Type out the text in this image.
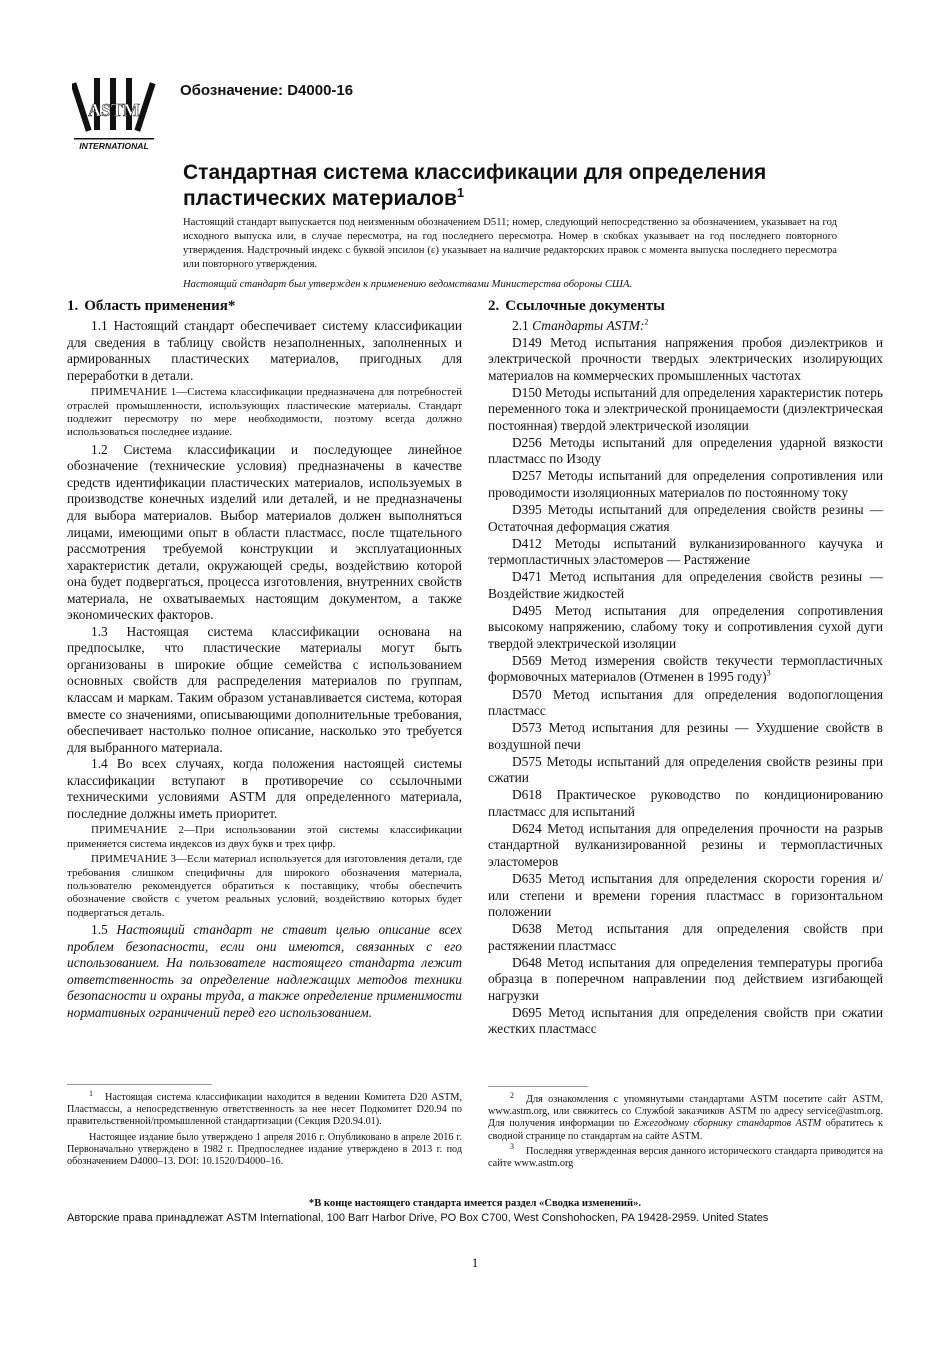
ASTM
INTERNATIONAL
Обозначение: D4000-16
Стандартная система классификации для определения пластических материалов$^1$
Настоящий стандарт выпускается под неизменным обозначением D511; номер, следующий непосредственно за обозначением, указывает на год исходного выпуска или, в случае пересмотра, на год последнего пересмотра. Номер в скобках указывает на год последнего повторного утверждения. Надстрочный индекс с буквой эпсилон (ε) указывает на наличие редакторских правок с момента выпуска последнего пересмотра или повторного утверждения.
Настоящий стандарт был утвержден к применению ведомствами Министерства обороны США.
1. Область применения*

1.1 Настоящий стандарт обеспечивает систему классификации для сведения в таблицу свойств незаполненных, заполненных и армированных пластических материалов, пригодных для переработки в детали.

ПРИМЕЧАНИЕ 1—Система классификации предназначена для потребностей отраслей промышленности, использующих пластические материалы. Стандарт подлежит пересмотру по мере необходимости, поэтому всегда должно использоваться последнее издание.

1.2 Система классификации и последующее линейное обозначение (технические условия) предназначены в качестве средств идентификации пластических материалов, используемых в производстве конечных изделий или деталей, и не предназначены для выбора материалов. Выбор материалов должен выполняться лицами, имеющими опыт в области пластмасс, после тщательного рассмотрения требуемой конструкции и эксплуатационных характеристик детали, окружающей среды, воздействию которой она будет подвергаться, процесса изготовления, внутренних свойств материала, не охватываемых настоящим документом, а также экономических факторов.

1.3 Настоящая система классификации основана на предпосылке, что пластические материалы могут быть организованы в широкие общие семейства с использованием основных свойств для распределения материалов по группам, классам и маркам. Таким образом устанавливается система, которая вместе со значениями, описывающими дополнительные требования, обеспечивает настолько полное описание, насколько это требуется для выбранного материала.

1.4 Во всех случаях, когда положения настоящей системы классификации вступают в противоречие со ссылочными техническими условиями ASTM для определенного материала, последние должны иметь приоритет.

ПРИМЕЧАНИЕ 2—При использовании этой системы классификации применяется система индексов из двух букв и трех цифр.

ПРИМЕЧАНИЕ 3—Если материал используется для изготовления детали, где требования слишком специфичны для широкого обозначения материала, пользователю рекомендуется обратиться к поставщику, чтобы обеспечить обозначение свойств с учетом реальных условий, воздействию которых будет подвергаться деталь.

1.5 Настоящий стандарт не ставит целью описание всех проблем безопасности, если они имеются, связанных с его использованием. На пользователе настоящего стандарта лежит ответственность за определение надлежащих методов техники безопасности и охраны труда, а также определение применимости нормативных ограничений перед его использованием.

2. Ссылочные документы

2.1 Стандарты ASTM:$^2$

D149 Метод испытания напряжения пробоя диэлектриков и электрической прочности твердых электрических изолирующих материалов на коммерческих промышленных частотах

D150 Методы испытаний для определения характеристик потерь переменного тока и электрической проницаемости (диэлектрическая постоянная) твердой электрической изоляции

D256 Методы испытаний для определения ударной вязкости пластмасс по Изоду

D257 Методы испытаний для определения сопротивления или проводимости изоляционных материалов по постоянному току

D395 Методы испытаний для определения свойств резины — Остаточная деформация сжатия

D412 Методы испытаний вулканизированного каучука и термопластичных эластомеров — Растяжение

D471 Метод испытания для определения свойств резины — Воздействие жидкостей

D495 Метод испытания для определения сопротивления высокому напряжению, слабому току и сопротивления сухой дуги твердой электрической изоляции

D569 Метод измерения свойств текучести термопластичных формовочных материалов (Отменен в 1995 году)$^3$

D570 Метод испытания для определения водопоглощения пластмасс

D573 Метод испытания для резины — Ухудшение свойств в воздушной печи

D575 Методы испытаний для определения свойств резины при сжатии

D618 Практическое руководство по кондиционированию пластмасс для испытаний

D624 Метод испытания для определения прочности на разрыв стандартной вулканизированной резины и термопластичных эластомеров

D635 Метод испытания для определения скорости горения и/или степени и времени горения пластмасс в горизонтальном положении

D638 Метод испытания для определения свойств при растяжении пластмасс

D648 Метод испытания для определения температуры прогиба образца в поперечном направлении под действием изгибающей нагрузки

D695 Метод испытания для определения свойств при сжатии жестких пластмасс

$^1$ Настоящая система классификации находится в ведении Комитета D20 ASTM, Пластмассы, а непосредственную ответственность за нее несет Подкомитет D20.94 по правительственной/промышленной стандартизации (Секция D20.94.01).

Настоящее издание было утверждено 1 апреля 2016 г. Опубликовано в апреле 2016 г. Первоначально утверждено в 1982 г. Предпоследнее издание утверждено в 2013 г. под обозначением D4000–13. DOI: 10.1520/D4000–16.

$^2$ Для ознакомления с упомянутыми стандартами ASTM посетите сайт ASTM, www.astm.org, или свяжитесь со Службой заказчиков ASTM по адресу service@astm.org. Для получения информации по Ежегодному сборнику стандартов ASTM обратитесь к сводной странице по стандартам на сайте ASTM.

$^3$ Последняя утвержденная версия данного исторического стандарта приводится на сайте www.astm.org

*В конце настоящего стандарта имеется раздел «Сводка изменений».
Авторские права принадлежат ASTM International, 100 Barr Harbor Drive, PO Box C700, West Conshohocken, PA 19428-2959. United States
1
